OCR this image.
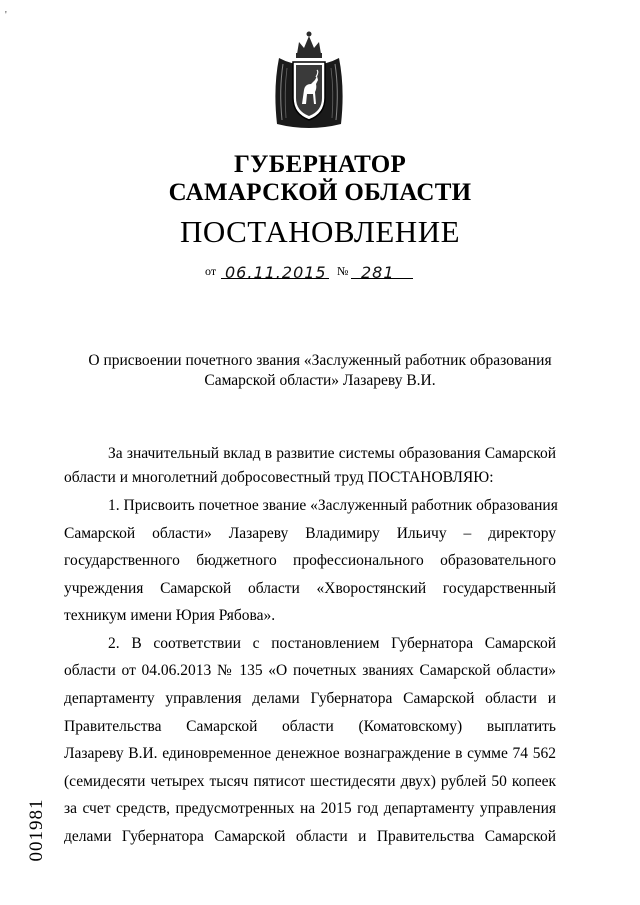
'
ГУБЕРНАТОР
САМАРСКОЙ ОБЛАСТИ
ПОСТАНОВЛЕНИЕ
от 06.11.2015 № 281
О присвоении почетного звания «Заслуженный работник образования
Самарской области» Лазареву В.И.
За значительный вклад в развитие системы образования Самарской
области и многолетний добросовестный труд ПОСТАНОВЛЯЮ:
1. Присвоить почетное звание «Заслуженный работник образования
Самарской области» Лазареву Владимиру Ильичу – директору
государственного бюджетного профессионального образовательного
учреждения Самарской области «Хворостянский государственный
техникум имени Юрия Рябова».
2. В соответствии с постановлением Губернатора Самарской
области от 04.06.2013 № 135 «О почетных званиях Самарской области»
департаменту управления делами Губернатора Самарской области и
Правительства Самарской области (Коматовскому) выплатить
Лазареву В.И. единовременное денежное вознаграждение в сумме 74 562
(семидесяти четырех тысяч пятисот шестидесяти двух) рублей 50 копеек
за счет средств, предусмотренных на 2015 год департаменту управления
делами Губернатора Самарской области и Правительства Самарской
001981
